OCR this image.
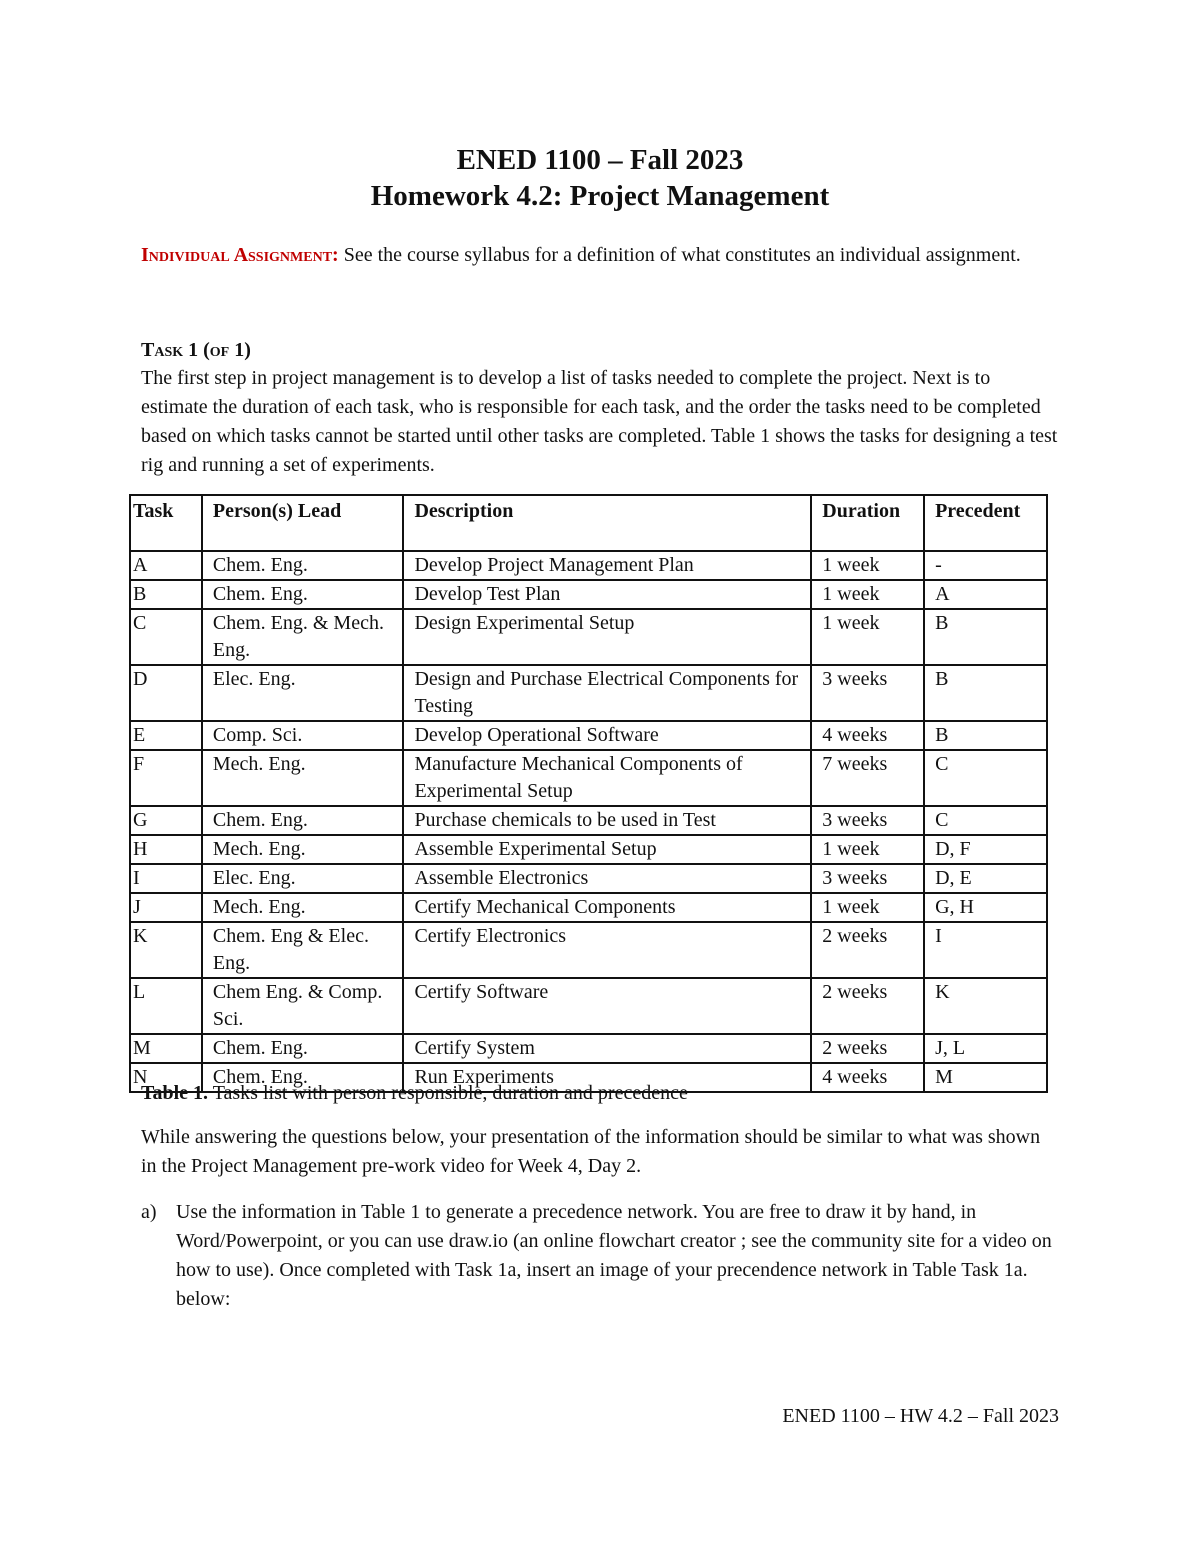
ENED 1100 – Fall 2023
Homework 4.2: Project Management
Individual Assignment: See the course syllabus for a definition of what constitutes an individual assignment.
Task 1 (of 1)
The first step in project management is to develop a list of tasks needed to complete the project. Next is to estimate the duration of each task, who is responsible for each task, and the order the tasks need to be completed based on which tasks cannot be started until other tasks are completed. Table 1 shows the tasks for designing a test rig and running a set of experiments.
Task	Person(s) Lead	Description	Duration	Precedent
A	Chem. Eng.	Develop Project Management Plan	1 week	-
B	Chem. Eng.	Develop Test Plan	1 week	A
C	Chem. Eng. & Mech. Eng.	Design Experimental Setup	1 week	B
D	Elec. Eng.	Design and Purchase Electrical Components for Testing	3 weeks	B
E	Comp. Sci.	Develop Operational Software	4 weeks	B
F	Mech. Eng.	Manufacture Mechanical Components of Experimental Setup	7 weeks	C
G	Chem. Eng.	Purchase chemicals to be used in Test	3 weeks	C
H	Mech. Eng.	Assemble Experimental Setup	1 week	D, F
I	Elec. Eng.	Assemble Electronics	3 weeks	D, E
J	Mech. Eng.	Certify Mechanical Components	1 week	G, H
K	Chem. Eng & Elec. Eng.	Certify Electronics	2 weeks	I
L	Chem Eng. & Comp. Sci.	Certify Software	2 weeks	K
M	Chem. Eng.	Certify System	2 weeks	J, L
N	Chem. Eng.	Run Experiments	4 weeks	M
Table 1. Tasks list with person responsible, duration and precedence
While answering the questions below, your presentation of the information should be similar to what was shown in the Project Management pre-work video for Week 4, Day 2.
a) Use the information in Table 1 to generate a precedence network. You are free to draw it by hand, in Word/Powerpoint, or you can use draw.io (an online flowchart creator ; see the community site for a video on how to use). Once completed with Task 1a, insert an image of your precendence network in Table Task 1a. below:
ENED 1100 – HW 4.2 – Fall 2023
